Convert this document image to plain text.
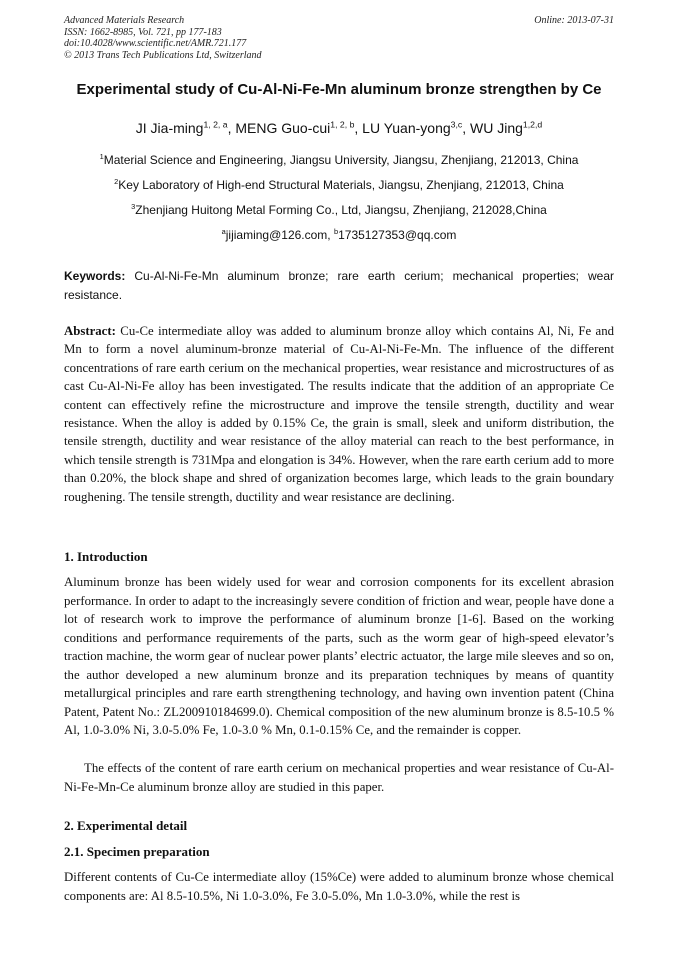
Advanced Materials Research
ISSN: 1662-8985, Vol. 721, pp 177-183
doi:10.4028/www.scientific.net/AMR.721.177
© 2013 Trans Tech Publications Ltd, Switzerland
Online: 2013-07-31
Experimental study of Cu-Al-Ni-Fe-Mn aluminum bronze strengthen by Ce
JI Jia-ming$^{1, 2, a}$, MENG Guo-cui$^{1, 2, b}$, LU Yuan-yong$^{3,c}$, WU Jing$^{1,2,d}$
$^1$Material Science and Engineering, Jiangsu University, Jiangsu, Zhenjiang, 212013, China
$^2$Key Laboratory of High-end Structural Materials, Jiangsu, Zhenjiang, 212013, China
$^3$Zhenjiang Huitong Metal Forming Co., Ltd, Jiangsu, Zhenjiang, 212028,China
$^a$jijiaming@126.com, $^b$1735127353@qq.com
Keywords: Cu-Al-Ni-Fe-Mn aluminum bronze; rare earth cerium; mechanical properties; wear resistance.
Abstract: Cu-Ce intermediate alloy was added to aluminum bronze alloy which contains Al, Ni, Fe and Mn to form a novel aluminum-bronze material of Cu-Al-Ni-Fe-Mn. The influence of the different concentrations of rare earth cerium on the mechanical properties, wear resistance and microstructures of as cast Cu-Al-Ni-Fe alloy has been investigated. The results indicate that the addition of an appropriate Ce content can effectively refine the microstructure and improve the tensile strength, ductility and wear resistance. When the alloy is added by 0.15% Ce, the grain is small, sleek and uniform distribution, the tensile strength, ductility and wear resistance of the alloy material can reach to the best performance, in which tensile strength is 731Mpa and elongation is 34%. However, when the rare earth cerium add to more than 0.20%, the block shape and shred of organization becomes large, which leads to the grain boundary roughening. The tensile strength, ductility and wear resistance are declining.
1. Introduction
Aluminum bronze has been widely used for wear and corrosion components for its excellent abrasion performance. In order to adapt to the increasingly severe condition of friction and wear, people have done a lot of research work to improve the performance of aluminum bronze [1-6]. Based on the working conditions and performance requirements of the parts, such as the worm gear of high-speed elevator’s traction machine, the worm gear of nuclear power plants’ electric actuator, the large mile sleeves and so on, the author developed a new aluminum bronze and its preparation techniques by means of quantity metallurgical principles and rare earth strengthening technology, and having own invention patent (China Patent, Patent No.: ZL200910184699.0). Chemical composition of the new aluminum bronze is 8.5-10.5 % Al, 1.0-3.0% Ni, 3.0-5.0% Fe, 1.0-3.0 % Mn, 0.1-0.15% Ce, and the remainder is copper.
The effects of the content of rare earth cerium on mechanical properties and wear resistance of Cu-Al-Ni-Fe-Mn-Ce aluminum bronze alloy are studied in this paper.
2. Experimental detail
2.1. Specimen preparation
Different contents of Cu-Ce intermediate alloy (15%Ce) were added to aluminum bronze whose chemical components are: Al 8.5-10.5%, Ni 1.0-3.0%, Fe 3.0-5.0%, Mn 1.0-3.0%, while the rest is
